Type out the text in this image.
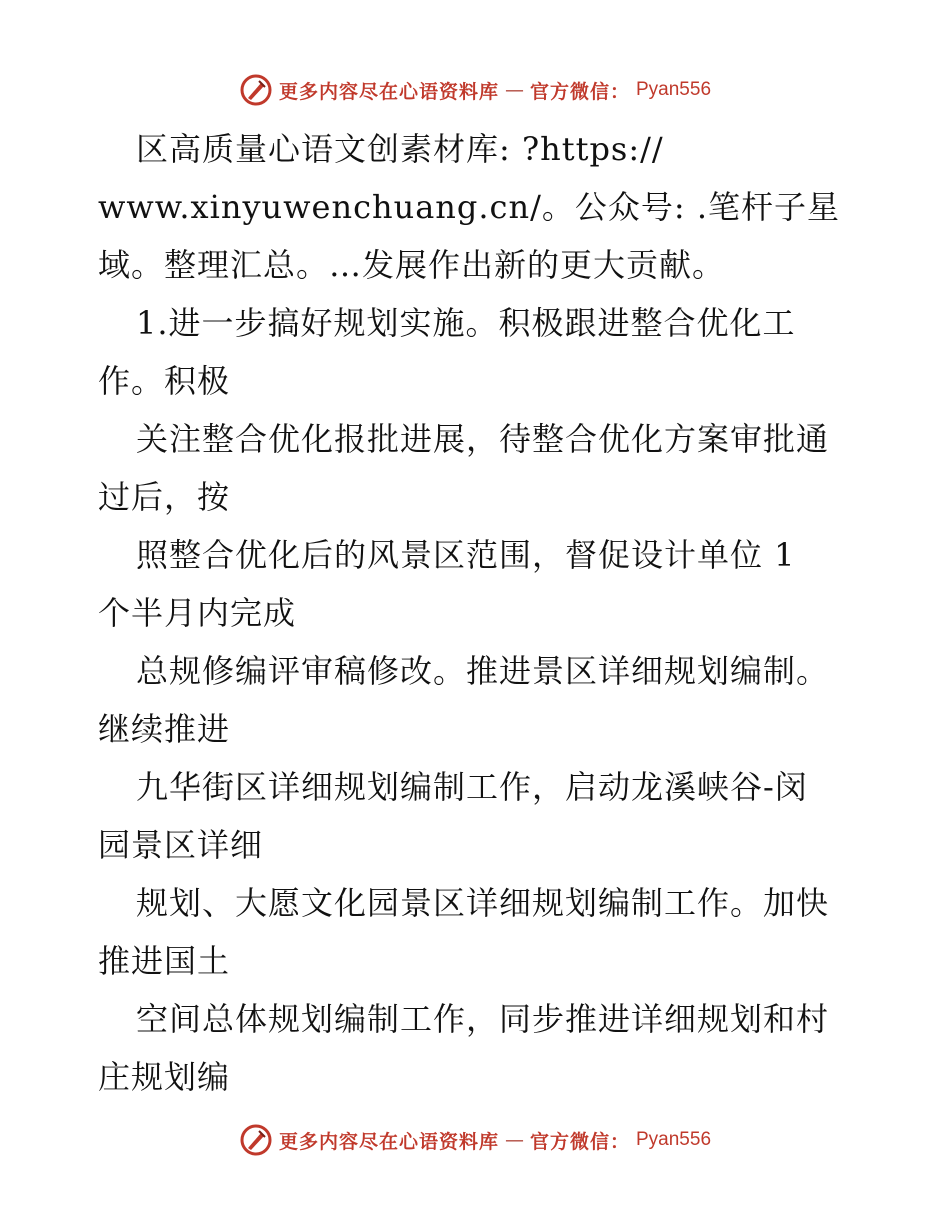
更多内容尽在心语资料库 — 官方微信： Pyan556
区高质量心语文创素材库: ?https://
www.xinyuwenchuang.cn/。公众号: .笔杆子星
域。整理汇总。…发展作出新的更大贡献。
1.进一步搞好规划实施。积极跟进整合优化工
作。积极
关注整合优化报批进展，待整合优化方案审批通
过后，按
照整合优化后的风景区范围，督促设计单位 1
个半月内完成
总规修编评审稿修改。推进景区详细规划编制。
继续推进
九华街区详细规划编制工作，启动龙溪峡谷-闵
园景区详细
规划、大愿文化园景区详细规划编制工作。加快
推进国土
空间总体规划编制工作，同步推进详细规划和村
庄规划编
更多内容尽在心语资料库 — 官方微信： Pyan556
